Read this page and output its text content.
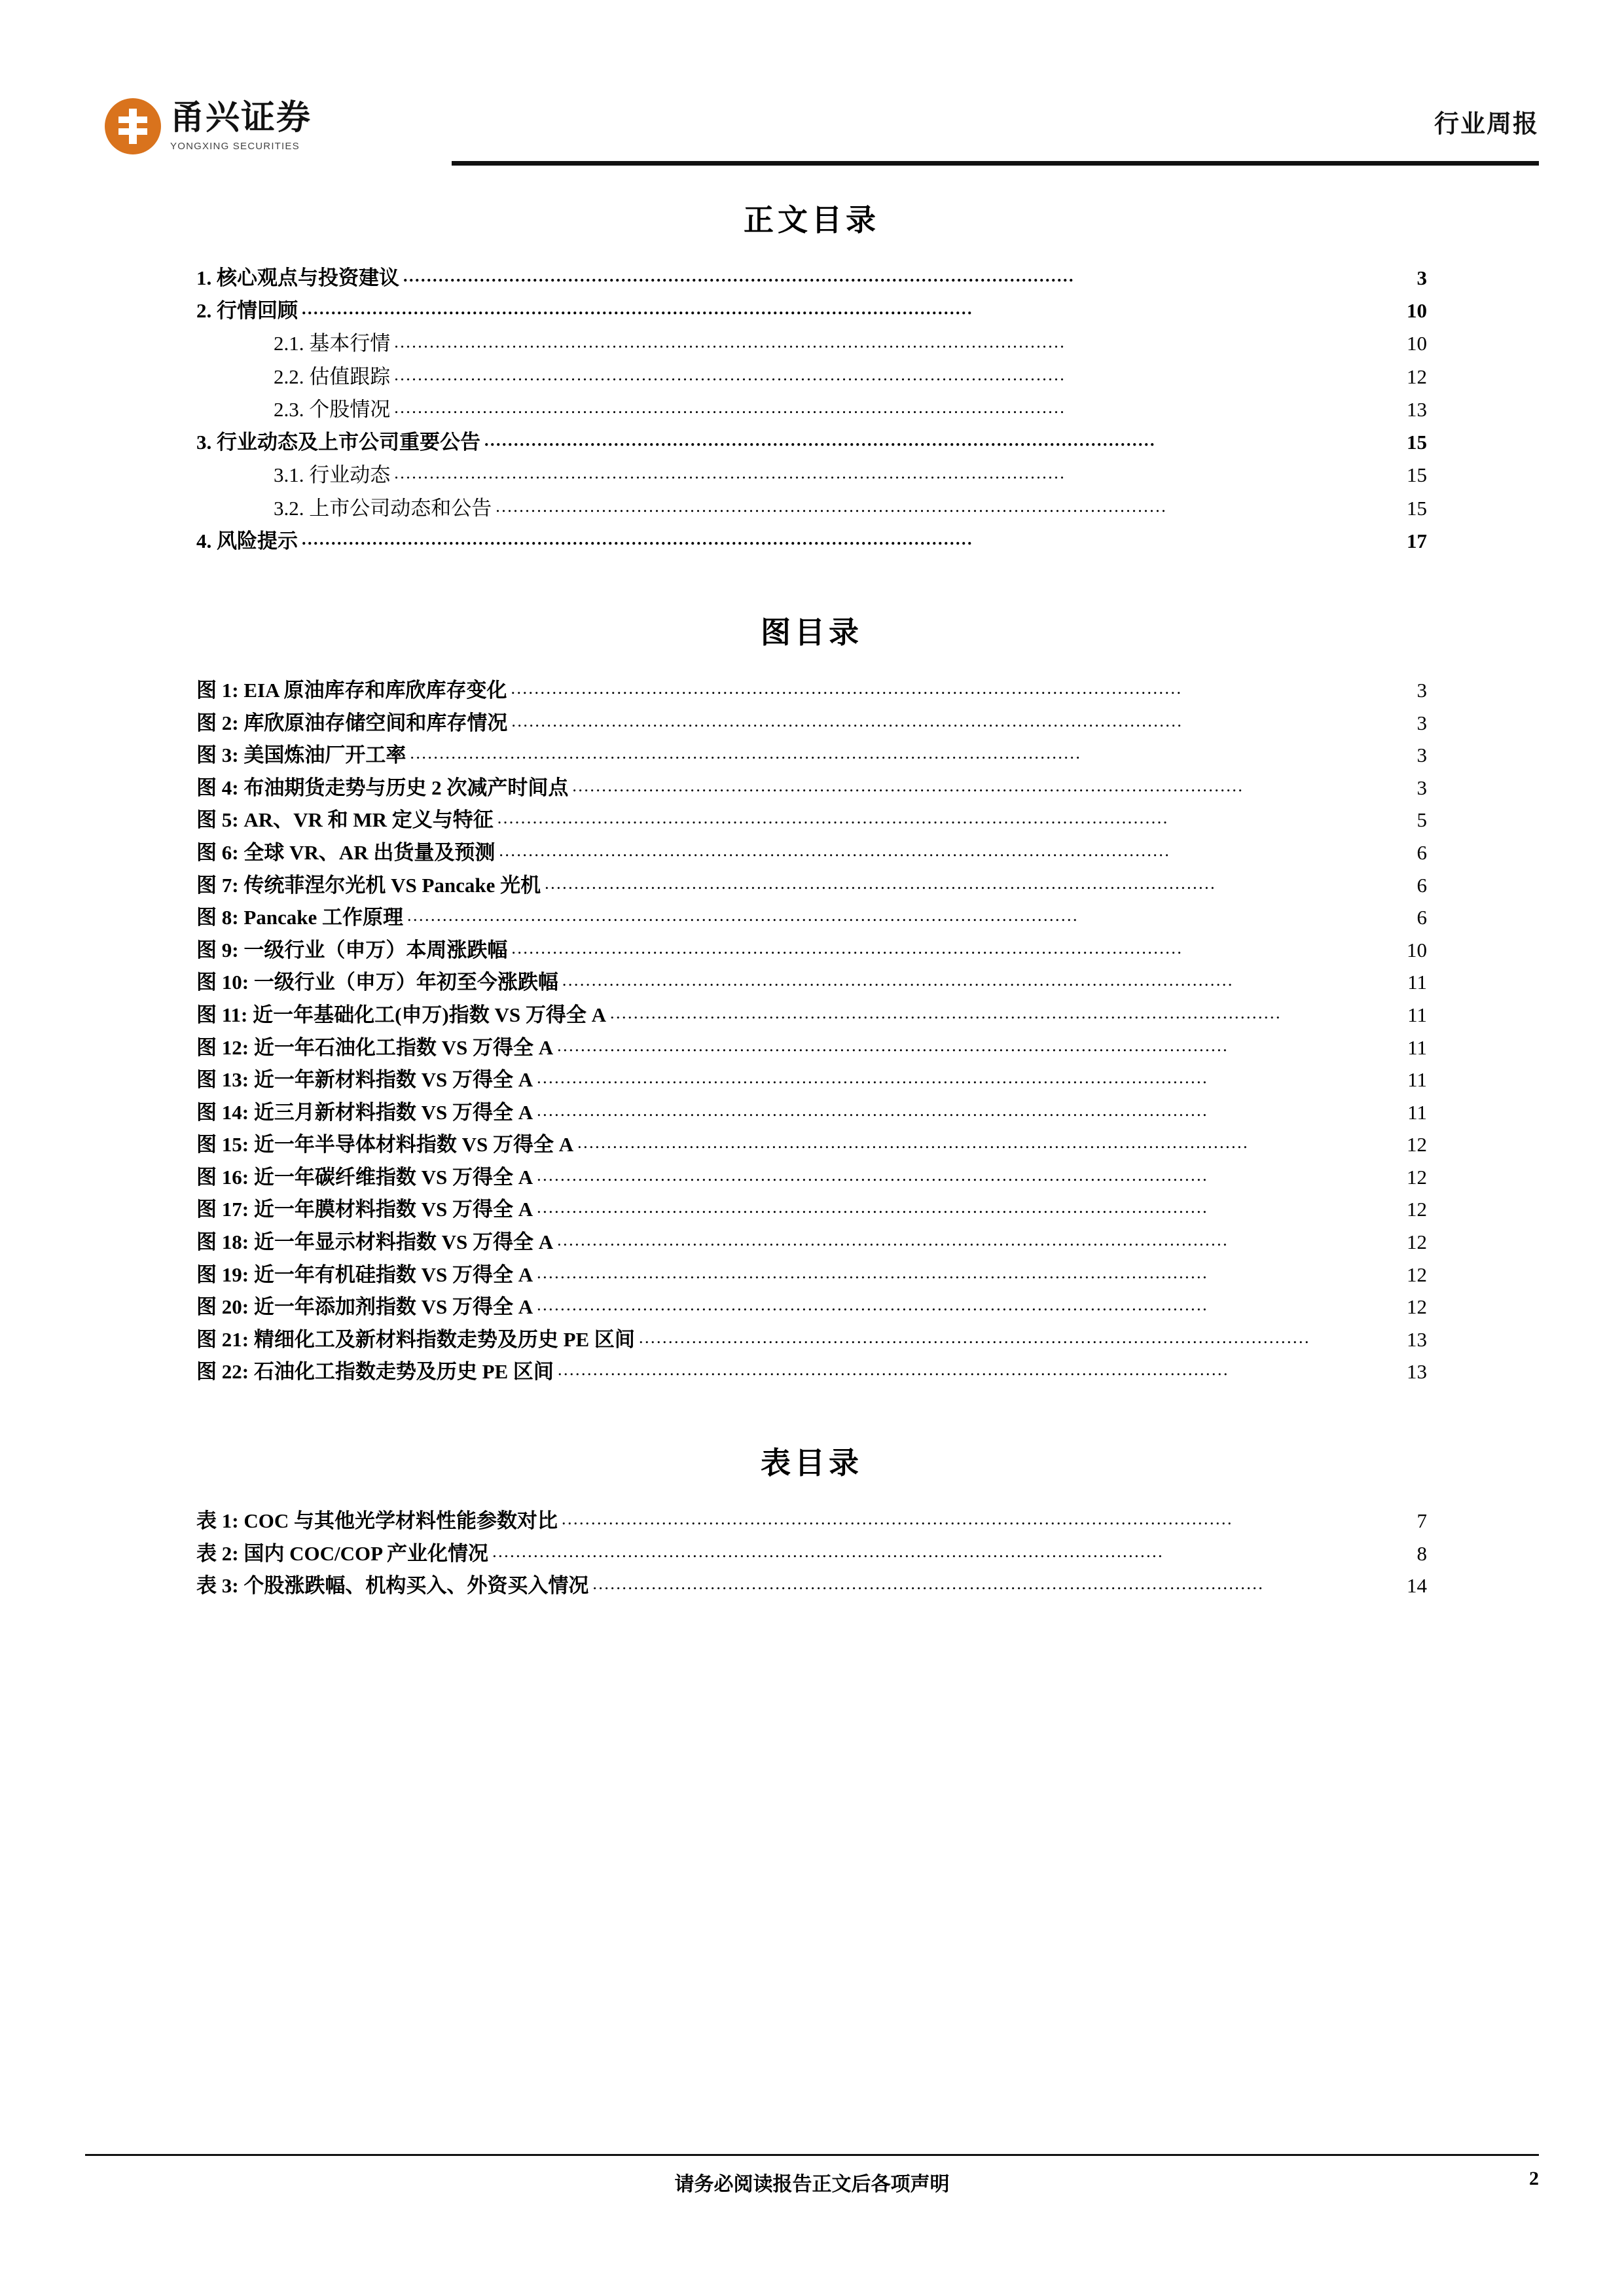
甬兴证券
YONGXING SECURITIES
行业周报
正文目录
1. 核心观点与投资建议 ..................................................................................................................	3
2. 行情回顾 ..................................................................................................................	10
2.1. 基本行情 ..................................................................................................................	10
2.2. 估值跟踪 ..................................................................................................................	12
2.3. 个股情况 ..................................................................................................................	13
3. 行业动态及上市公司重要公告 ..................................................................................................................	15
3.1. 行业动态 ..................................................................................................................	15
3.2. 上市公司动态和公告 ..................................................................................................................	15
4. 风险提示 ..................................................................................................................	17
图目录
图 1: EIA 原油库存和库欣库存变化 ..................................................................................................................	3
图 2: 库欣原油存储空间和库存情况 ..................................................................................................................	3
图 3: 美国炼油厂开工率 ..................................................................................................................	3
图 4: 布油期货走势与历史 2 次减产时间点 ..................................................................................................................	3
图 5: AR、VR 和 MR 定义与特征 ..................................................................................................................	5
图 6: 全球 VR、AR 出货量及预测 ..................................................................................................................	6
图 7: 传统菲涅尔光机 VS Pancake 光机 ..................................................................................................................	6
图 8: Pancake 工作原理 ..................................................................................................................	6
图 9: 一级行业（申万）本周涨跌幅 ..................................................................................................................	10
图 10: 一级行业（申万）年初至今涨跌幅 ..................................................................................................................	11
图 11: 近一年基础化工(申万)指数 VS 万得全 A ..................................................................................................................	11
图 12: 近一年石油化工指数 VS 万得全 A ..................................................................................................................	11
图 13: 近一年新材料指数 VS 万得全 A ..................................................................................................................	11
图 14: 近三月新材料指数 VS 万得全 A ..................................................................................................................	11
图 15: 近一年半导体材料指数 VS 万得全 A ..................................................................................................................	12
图 16: 近一年碳纤维指数 VS 万得全 A ..................................................................................................................	12
图 17: 近一年膜材料指数 VS 万得全 A ..................................................................................................................	12
图 18: 近一年显示材料指数 VS 万得全 A ..................................................................................................................	12
图 19: 近一年有机硅指数 VS 万得全 A ..................................................................................................................	12
图 20: 近一年添加剂指数 VS 万得全 A ..................................................................................................................	12
图 21: 精细化工及新材料指数走势及历史 PE 区间 ..................................................................................................................	13
图 22: 石油化工指数走势及历史 PE 区间 ..................................................................................................................	13
表目录
表 1: COC 与其他光学材料性能参数对比 ..................................................................................................................	7
表 2: 国内 COC/COP 产业化情况 ..................................................................................................................	8
表 3: 个股涨跌幅、机构买入、外资买入情况 ..................................................................................................................	14
请务必阅读报告正文后各项声明	2
